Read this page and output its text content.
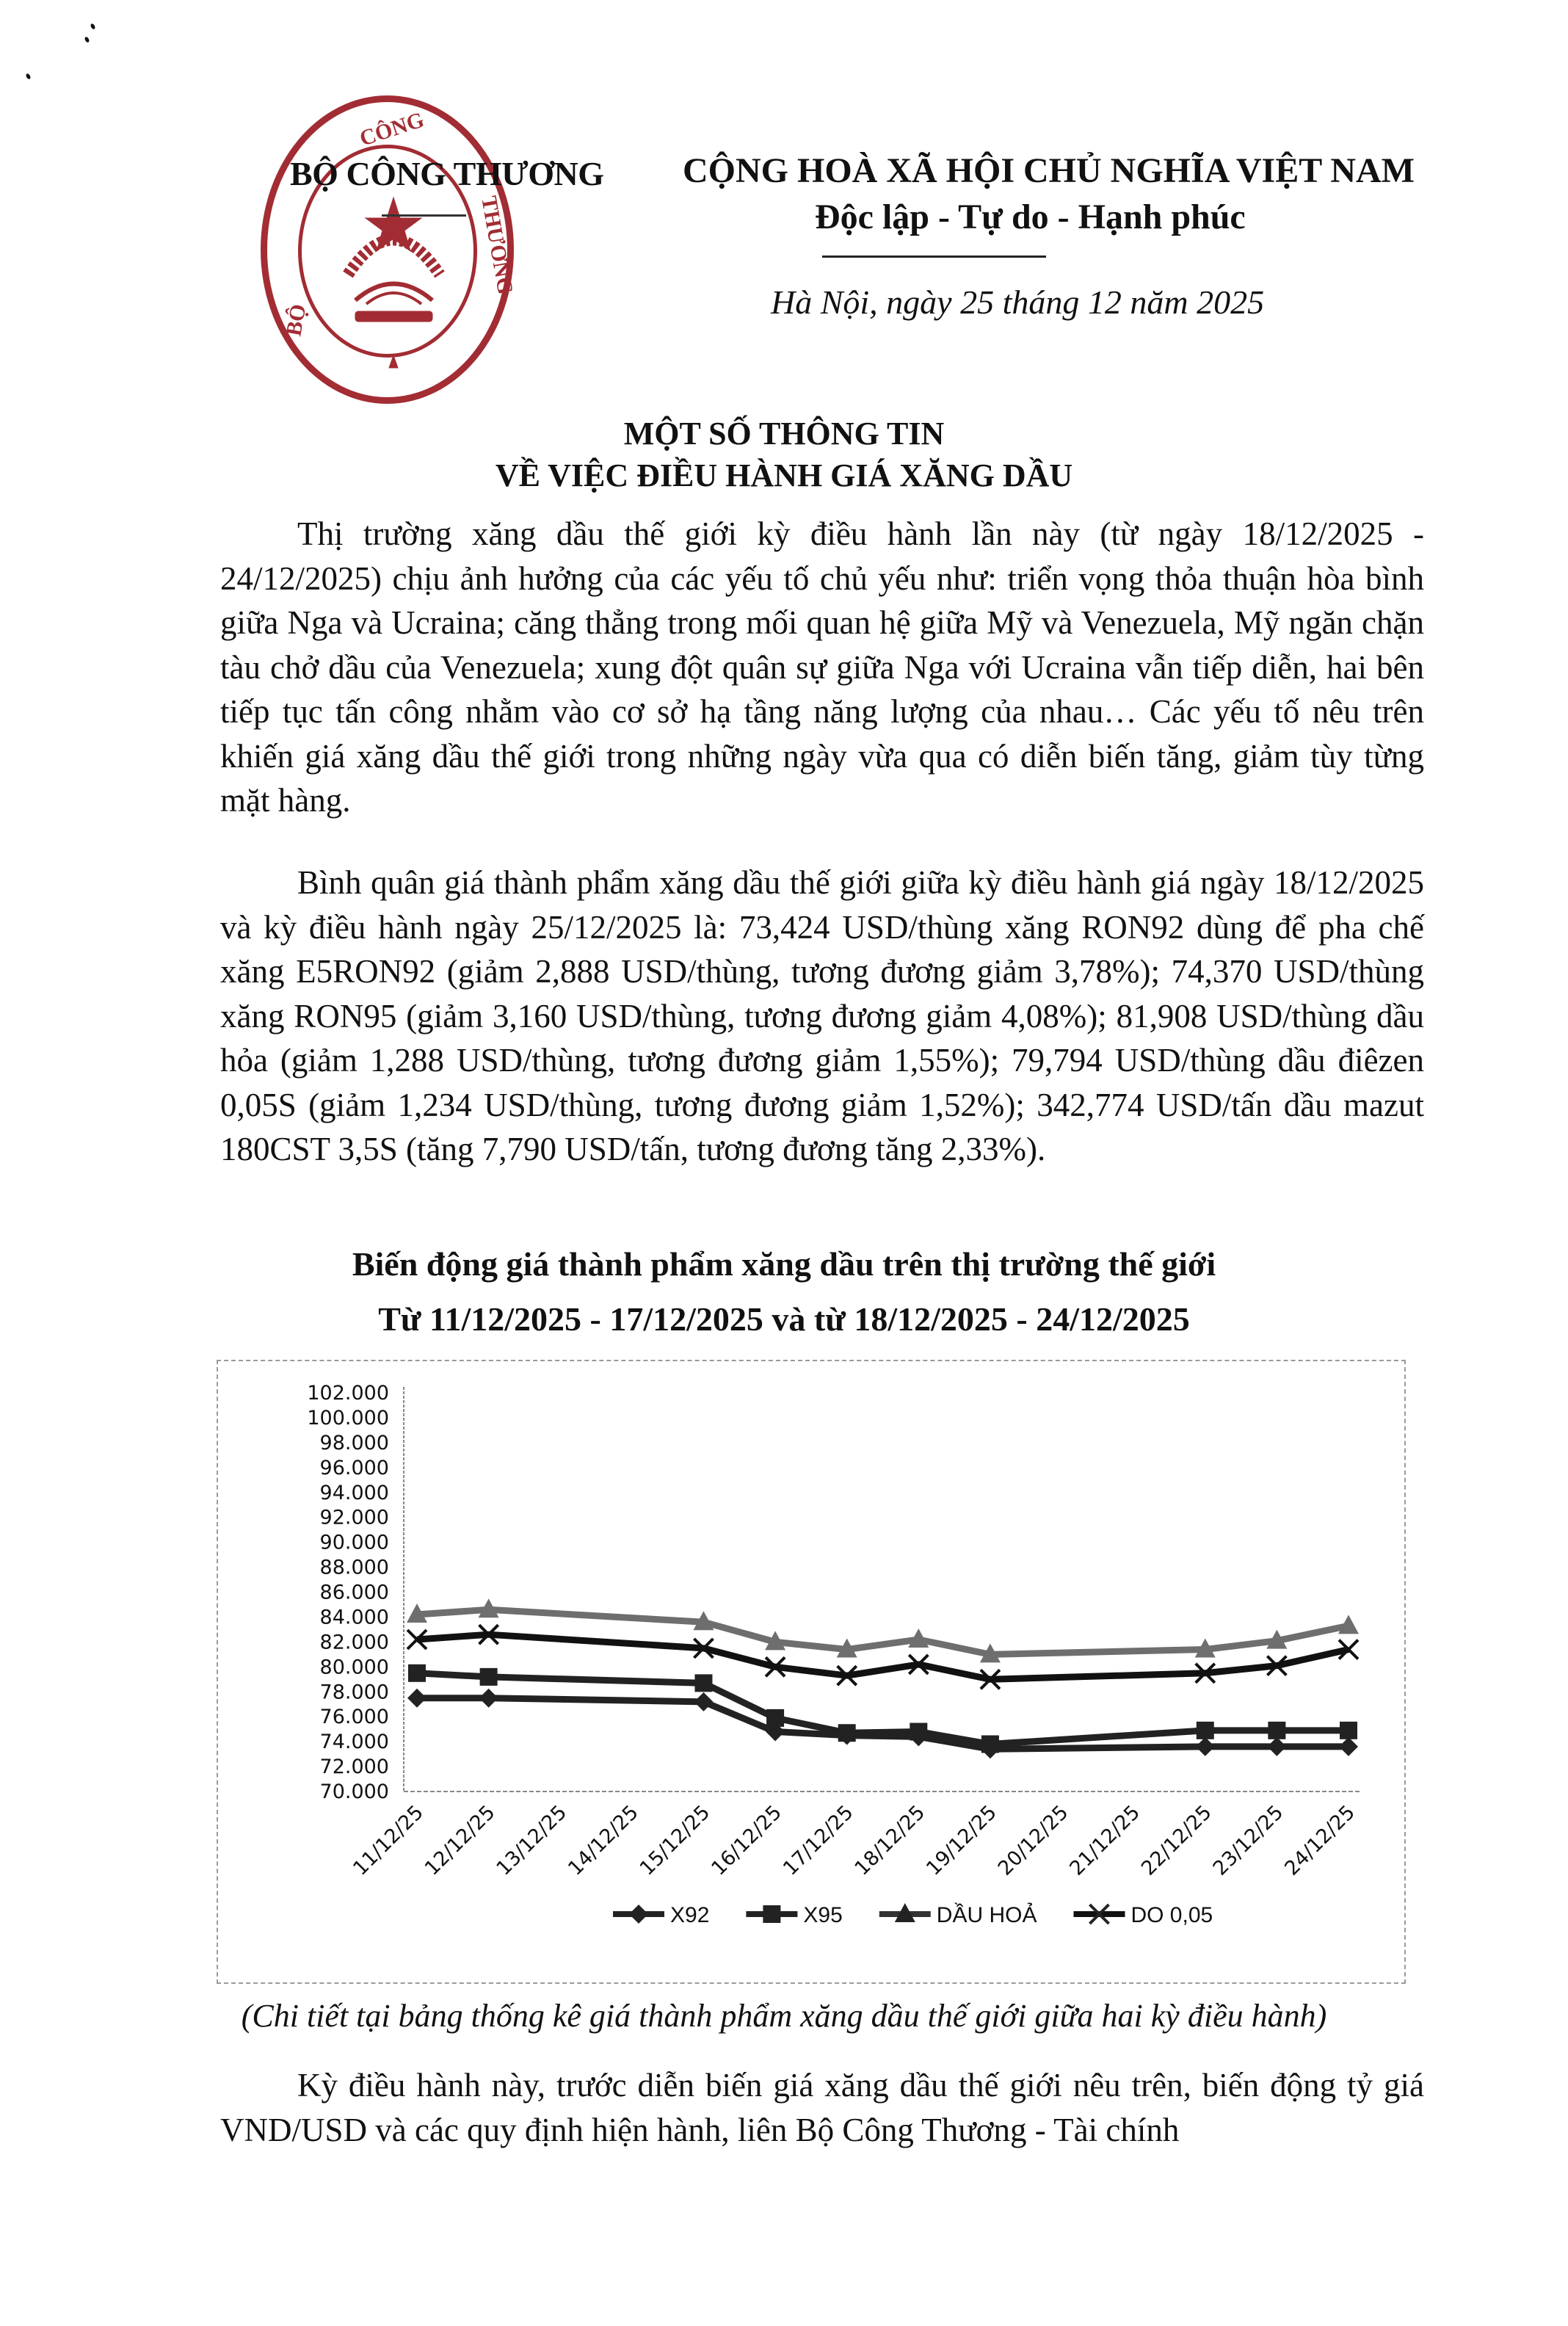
CÔNG
BỘ
THƯƠNG
BỘ CÔNG THƯƠNG CỘNG HOÀ XÃ HỘI CHỦ NGHĨA VIỆT NAM
Độc lập - Tự do - Hạnh phúc
Hà Nội, ngày 25 tháng 12 năm 2025
MỘT SỐ THÔNG TIN
VỀ VIỆC ĐIỀU HÀNH GIÁ XĂNG DẦU

Thị trường xăng dầu thế giới kỳ điều hành lần này (từ ngày 18/12/2025 - 24/12/2025) chịu ảnh hưởng của các yếu tố chủ yếu như: triển vọng thỏa thuận hòa bình giữa Nga và Ucraina; căng thẳng trong mối quan hệ giữa Mỹ và Venezuela, Mỹ ngăn chặn tàu chở dầu của Venezuela; xung đột quân sự giữa Nga với Ucraina vẫn tiếp diễn, hai bên tiếp tục tấn công nhằm vào cơ sở hạ tầng năng lượng của nhau… Các yếu tố nêu trên khiến giá xăng dầu thế giới trong những ngày vừa qua có diễn biến tăng, giảm tùy từng mặt hàng.

Bình quân giá thành phẩm xăng dầu thế giới giữa kỳ điều hành giá ngày 18/12/2025 và kỳ điều hành ngày 25/12/2025 là: 73,424 USD/thùng xăng RON92 dùng để pha chế xăng E5RON92 (giảm 2,888 USD/thùng, tương đương giảm 3,78%); 74,370 USD/thùng xăng RON95 (giảm 3,160 USD/thùng, tương đương giảm 4,08%); 81,908 USD/thùng dầu hỏa (giảm 1,288 USD/thùng, tương đương giảm 1,55%); 79,794 USD/thùng dầu điêzen 0,05S (giảm 1,234 USD/thùng, tương đương giảm 1,52%); 342,774 USD/tấn dầu mazut 180CST 3,5S (tăng 7,790 USD/tấn, tương đương tăng 2,33%).

Biến động giá thành phẩm xăng dầu trên thị trường thế giới
Từ 11/12/2025 - 17/12/2025 và từ 18/12/2025 - 24/12/2025
70.000
72.000
74.000
76.000
78.000
80.000
82.000
84.000
86.000
88.000
90.000
92.000
94.000
96.000
98.000
100.000
102.000
11/12/25
12/12/25
13/12/25
14/12/25
15/12/25
16/12/25
17/12/25
18/12/25
19/12/25
20/12/25
21/12/25
22/12/25
23/12/25
24/12/25
X92	X95	DẦU HOẢ	DO 0,05
(Chi tiết tại bảng thống kê giá thành phẩm xăng dầu thế giới giữa hai kỳ điều hành)

Kỳ điều hành này, trước diễn biến giá xăng dầu thế giới nêu trên, biến động tỷ giá VND/USD và các quy định hiện hành, liên Bộ Công Thương - Tài chính
